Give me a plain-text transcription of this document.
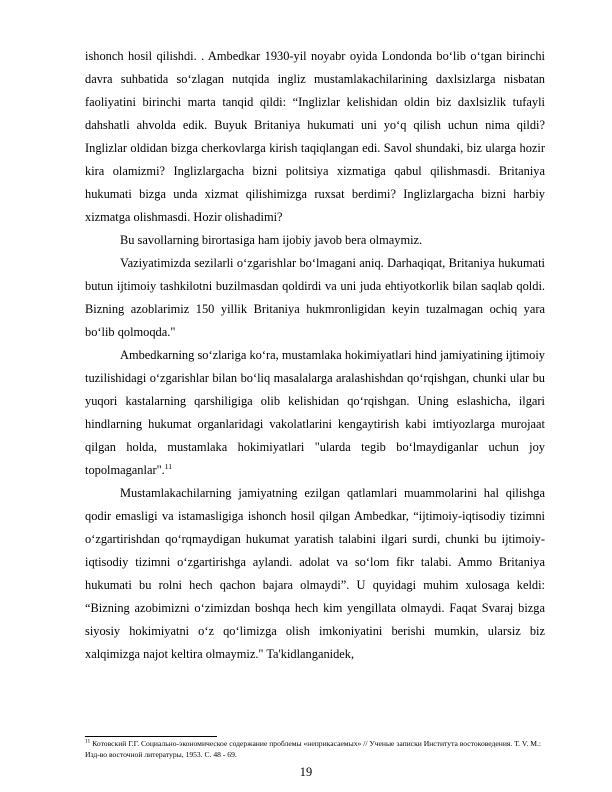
ishonch hosil qilishdi. . Ambedkar 1930-yil noyabr oyida Londonda bo‘lib o‘tgan birinchi davra suhbatida so‘zlagan nutqida ingliz mustamlakachilarining daxlsizlarga nisbatan faoliyatini birinchi marta tanqid qildi: “Inglizlar kelishidan oldin biz daxlsizlik tufayli dahshatli ahvolda edik. Buyuk Britaniya hukumati uni yo‘q qilish uchun nima qildi? Inglizlar oldidan bizga cherkovlarga kirish taqiqlangan edi. Savol shundaki, biz ularga hozir kira olamizmi? Inglizlargacha bizni politsiya xizmatiga qabul qilishmasdi. Britaniya hukumati bizga unda xizmat qilishimizga ruxsat berdimi? Inglizlargacha bizni harbiy xizmatga olishmasdi. Hozir olishadimi?

Bu savollarning birortasiga ham ijobiy javob bera olmaymiz.

Vaziyatimizda sezilarli o‘zgarishlar bo‘lmagani aniq. Darhaqiqat, Britaniya hukumati butun ijtimoiy tashkilotni buzilmasdan qoldirdi va uni juda ehtiyotkorlik bilan saqlab qoldi. Bizning azoblarimiz 150 yillik Britaniya hukmronligidan keyin tuzalmagan ochiq yara bo‘lib qolmoqda."

Ambedkarning so‘zlariga ko‘ra, mustamlaka hokimiyatlari hind jamiyatining ijtimoiy tuzilishidagi o‘zgarishlar bilan bo‘liq masalalarga aralashishdan qo‘rqishgan, chunki ular bu yuqori kastalarning qarshiligiga olib kelishidan qo‘rqishgan. Uning eslashicha, ilgari hindlarning hukumat organlaridagi vakolatlarini kengaytirish kabi imtiyozlarga murojaat qilgan holda, mustamlaka hokimiyatlari "ularda tegib bo‘lmaydiganlar uchun joy topolmaganlar".$^{11}$

Mustamlakachilarning jamiyatning ezilgan qatlamlari muammolarini hal qilishga qodir emasligi va istamasligiga ishonch hosil qilgan Ambedkar, “ijtimoiy-iqtisodiy tizimni o‘zgartirishdan qo‘rqmaydigan hukumat yaratish talabini ilgari surdi, chunki bu ijtimoiy-iqtisodiy tizimni o‘zgartirishga aylandi. adolat va so‘lom fikr talabi. Ammo Britaniya hukumati bu rolni hech qachon bajara olmaydi”. U quyidagi muhim xulosaga keldi: “Bizning azobimizni o‘zimizdan boshqa hech kim yengillata olmaydi. Faqat Svaraj bizga siyosiy hokimiyatni o‘z qo‘limizga olish imkoniyatini berishi mumkin, ularsiz biz xalqimizga najot keltira olmaymiz." Ta'kidlanganidek,

$^{11}$ Котовский Г.Г. Социально-экономическое содержание проблемы «неприкасаемых» // Ученые записки Института востоковедения. Т. V. М.: Изд-во восточной литературы, 1953. С. 48 - 69.
19
